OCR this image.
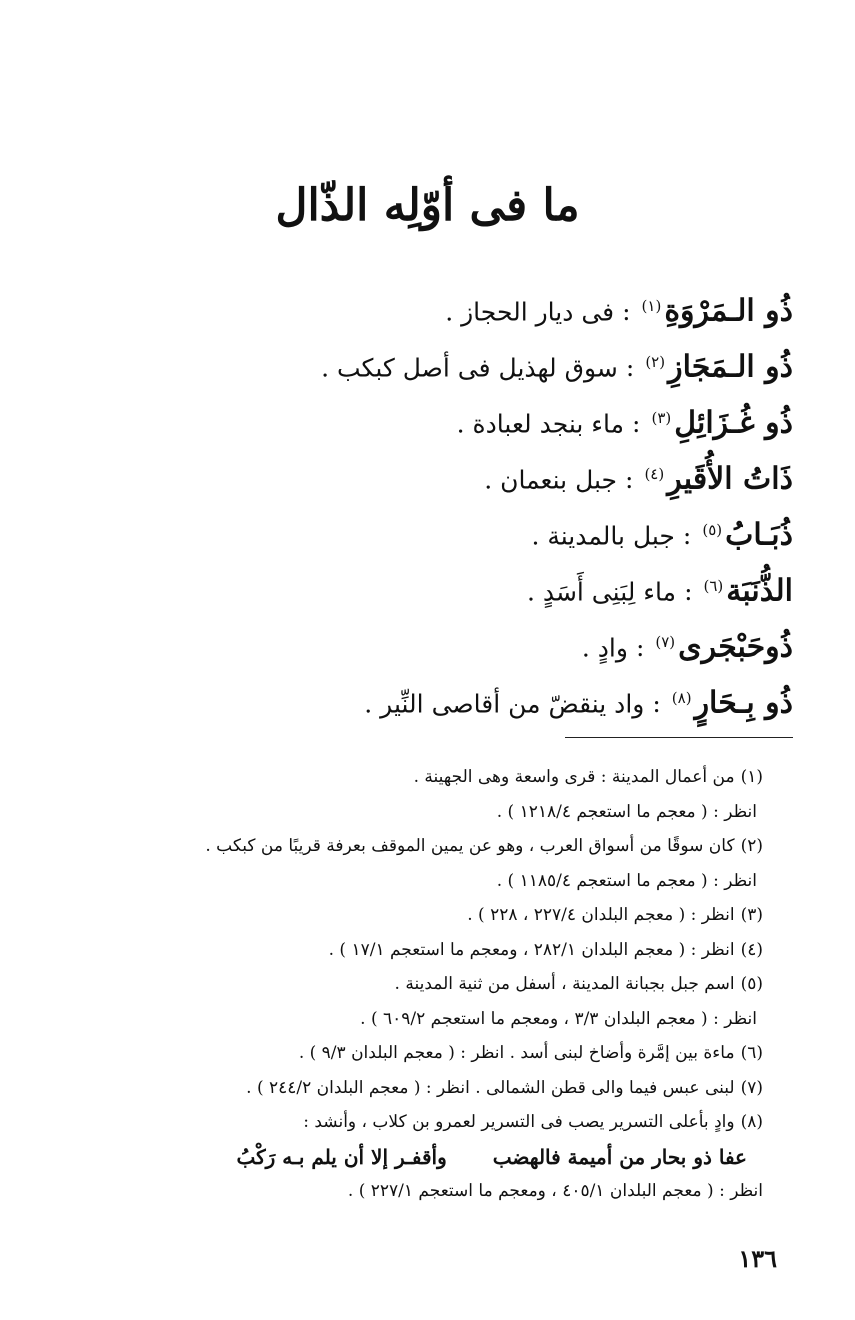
ما فى أوّلِه الذّال
ذُو الـمَرْوَةِ$^{(١)}$:فى ديار الحجاز .
ذُو الـمَجَازِ$^{(٢)}$:سوق لهذيل فى أصل كبكب .
ذُو غُـزَائِلِ$^{(٣)}$:ماء بنجد لعبادة .
ذَاتُ الأُقَيرِ$^{(٤)}$:جبل بنعمان .
ذُبَـابُ$^{(٥)}$:جبل بالمدينة .
الذُّنَبَة$^{(٦)}$:ماء لِبَنِى أَسَدٍ .
ذُوحَبْجَرى$^{(٧)}$:وادٍ .
ذُو بِـحَارٍ$^{(٨)}$:واد ينقضّ من أقاصى النِّير .
(١)من أعمال المدينة : قرى واسعة وهى الجهينة .
انظر : ( معجم ما استعجم ١٢١٨/٤ ) .
(٢)كان سوقًا من أسواق العرب ، وهو عن يمين الموقف بعرفة قريبًا من كبكب .
انظر : ( معجم ما استعجم ١١٨٥/٤ ) .
(٣)انظر : ( معجم البلدان ٢٢٧/٤ ، ٢٢٨ ) .
(٤)انظر : ( معجم البلدان ٢٨٢/١ ، ومعجم ما استعجم ١٧/١ ) .
(٥)اسم جبل بجبانة المدينة ، أسفل من ثنية المدينة .
انظر : ( معجم البلدان ٣/٣ ، ومعجم ما استعجم ٦٠٩/٢ ) .
(٦)ماءة بين إمَّرة وأضاخ لبنى أسد . انظر : ( معجم البلدان ٩/٣ ) .
(٧)لبنى عبس فيما والى قطن الشمالى . انظر : ( معجم البلدان ٢٤٤/٢ ) .
(٨)وادٍ بأعلى التسرير يصب فى التسرير لعمرو بن كلاب ، وأنشد :
عفا ذو بحار من أميمة فالهضبوأقفـر إلا أن يلم بـه رَكْبُ
انظر : ( معجم البلدان ٤٠٥/١ ، ومعجم ما استعجم ٢٢٧/١ ) .
١٣٦
